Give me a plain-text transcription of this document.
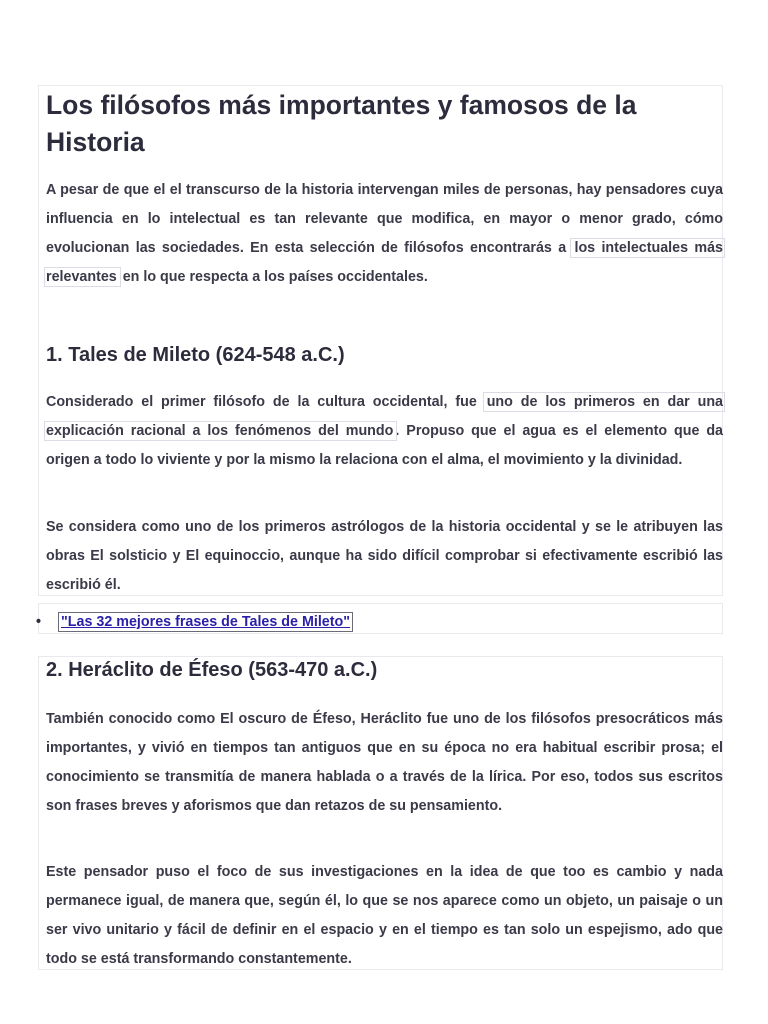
Los filósofos más importantes y famosos de la Historia

A pesar de que el el transcurso de la historia intervengan miles de personas, hay pensadores cuya influencia en lo intelectual es tan relevante que modifica, en mayor o menor grado, cómo evolucionan las sociedades. En esta selección de filósofos encontrarás a los intelectuales más relevantes en lo que respecta a los países occidentales.

1. Tales de Mileto (624-548 a.C.)

Considerado el primer filósofo de la cultura occidental, fue uno de los primeros en dar una explicación racional a los fenómenos del mundo . Propuso que el agua es el elemento que da origen a todo lo viviente y por la mismo la relaciona con el alma, el movimiento y la divinidad.

Se considera como uno de los primeros astrólogos de la historia occidental y se le atribuyen las obras El solsticio y El equinoccio, aunque ha sido difícil comprobar si efectivamente escribió las escribió él.

• "Las 32 mejores frases de Tales de Mileto"
2. Heráclito de Éfeso (563-470 a.C.)

También conocido como El oscuro de Éfeso, Heráclito fue uno de los filósofos presocráticos más importantes, y vivió en tiempos tan antiguos que en su época no era habitual escribir prosa; el conocimiento se transmitía de manera hablada o a través de la lírica. Por eso, todos sus escritos son frases breves y aforismos que dan retazos de su pensamiento.

Este pensador puso el foco de sus investigaciones en la idea de que too es cambio y nada permanece igual, de manera que, según él, lo que se nos aparece como un objeto, un paisaje o un ser vivo unitario y fácil de definir en el espacio y en el tiempo es tan solo un espejismo, ado que todo se está transformando constantemente.
